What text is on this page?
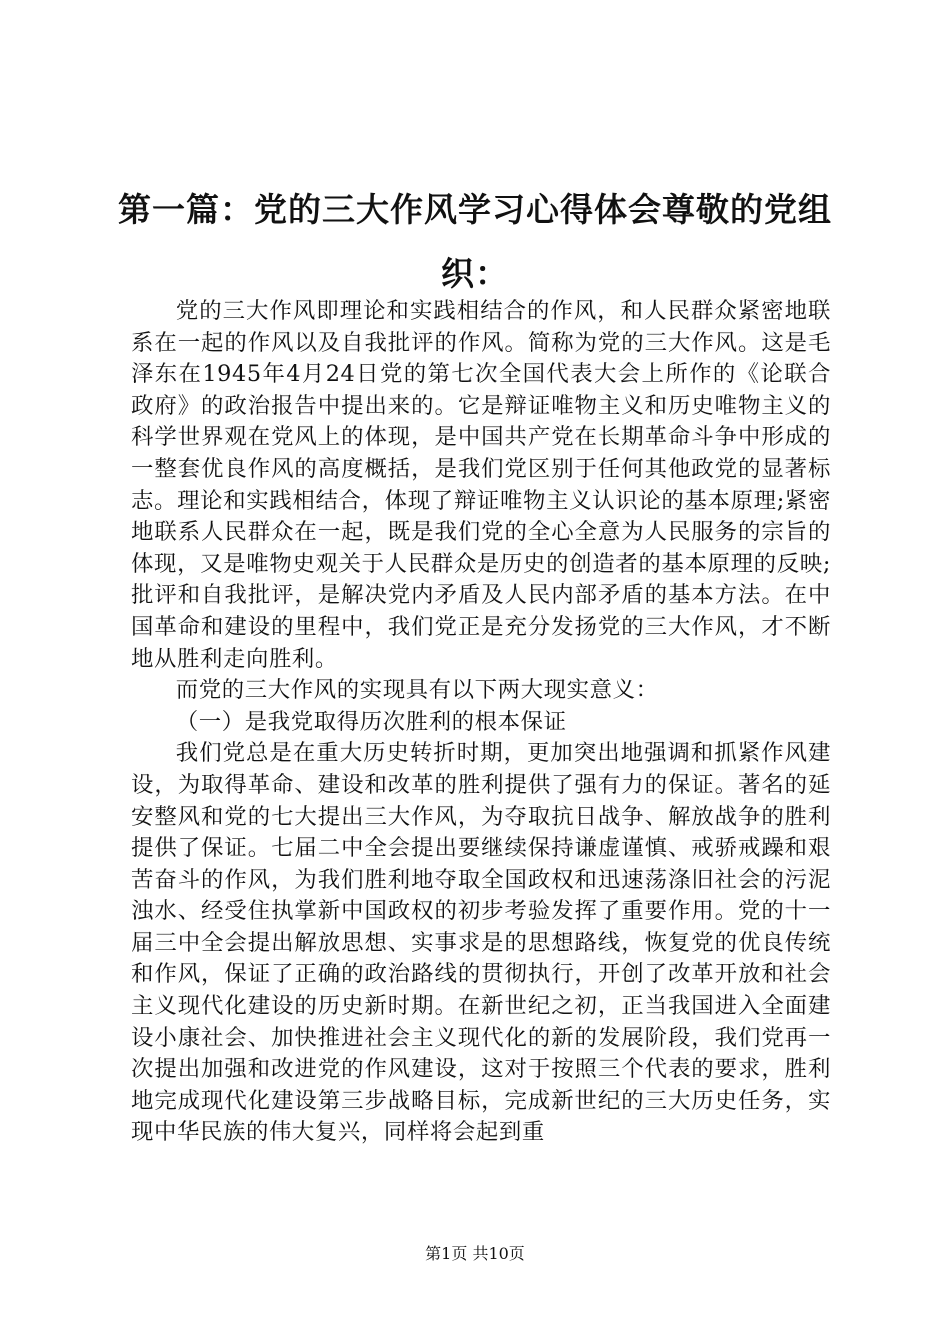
第一篇：党的三大作风学习心得体会尊敬的党组织：

党的三大作风即理论和实践相结合的作风，和人民群众紧密地联系在一起的作风以及自我批评的作风。简称为党的三大作风。这是毛泽东在1945年4月24日党的第七次全国代表大会上所作的《论联合政府》的政治报告中提出来的。它是辩证唯物主义和历史唯物主义的科学世界观在党风上的体现，是中国共产党在长期革命斗争中形成的一整套优良作风的高度概括，是我们党区别于任何其他政党的显著标志。理论和实践相结合，体现了辩证唯物主义认识论的基本原理;紧密地联系人民群众在一起，既是我们党的全心全意为人民服务的宗旨的体现，又是唯物史观关于人民群众是历史的创造者的基本原理的反映;批评和自我批评，是解决党内矛盾及人民内部矛盾的基本方法。在中国革命和建设的里程中，我们党正是充分发扬党的三大作风，才不断地从胜利走向胜利。

而党的三大作风的实现具有以下两大现实意义：

（一）是我党取得历次胜利的根本保证

我们党总是在重大历史转折时期，更加突出地强调和抓紧作风建设，为取得革命、建设和改革的胜利提供了强有力的保证。著名的延安整风和党的七大提出三大作风，为夺取抗日战争、解放战争的胜利提供了保证。七届二中全会提出要继续保持谦虚谨慎、戒骄戒躁和艰苦奋斗的作风，为我们胜利地夺取全国政权和迅速荡涤旧社会的污泥浊水、经受住执掌新中国政权的初步考验发挥了重要作用。党的十一届三中全会提出解放思想、实事求是的思想路线，恢复党的优良传统和作风，保证了正确的政治路线的贯彻执行，开创了改革开放和社会主义现代化建设的历史新时期。在新世纪之初，正当我国进入全面建设小康社会、加快推进社会主义现代化的新的发展阶段，我们党再一次提出加强和改进党的作风建设，这对于按照三个代表的要求，胜利地完成现代化建设第三步战略目标，完成新世纪的三大历史任务，实现中华民族的伟大复兴，同样将会起到重

第1页 共10页
